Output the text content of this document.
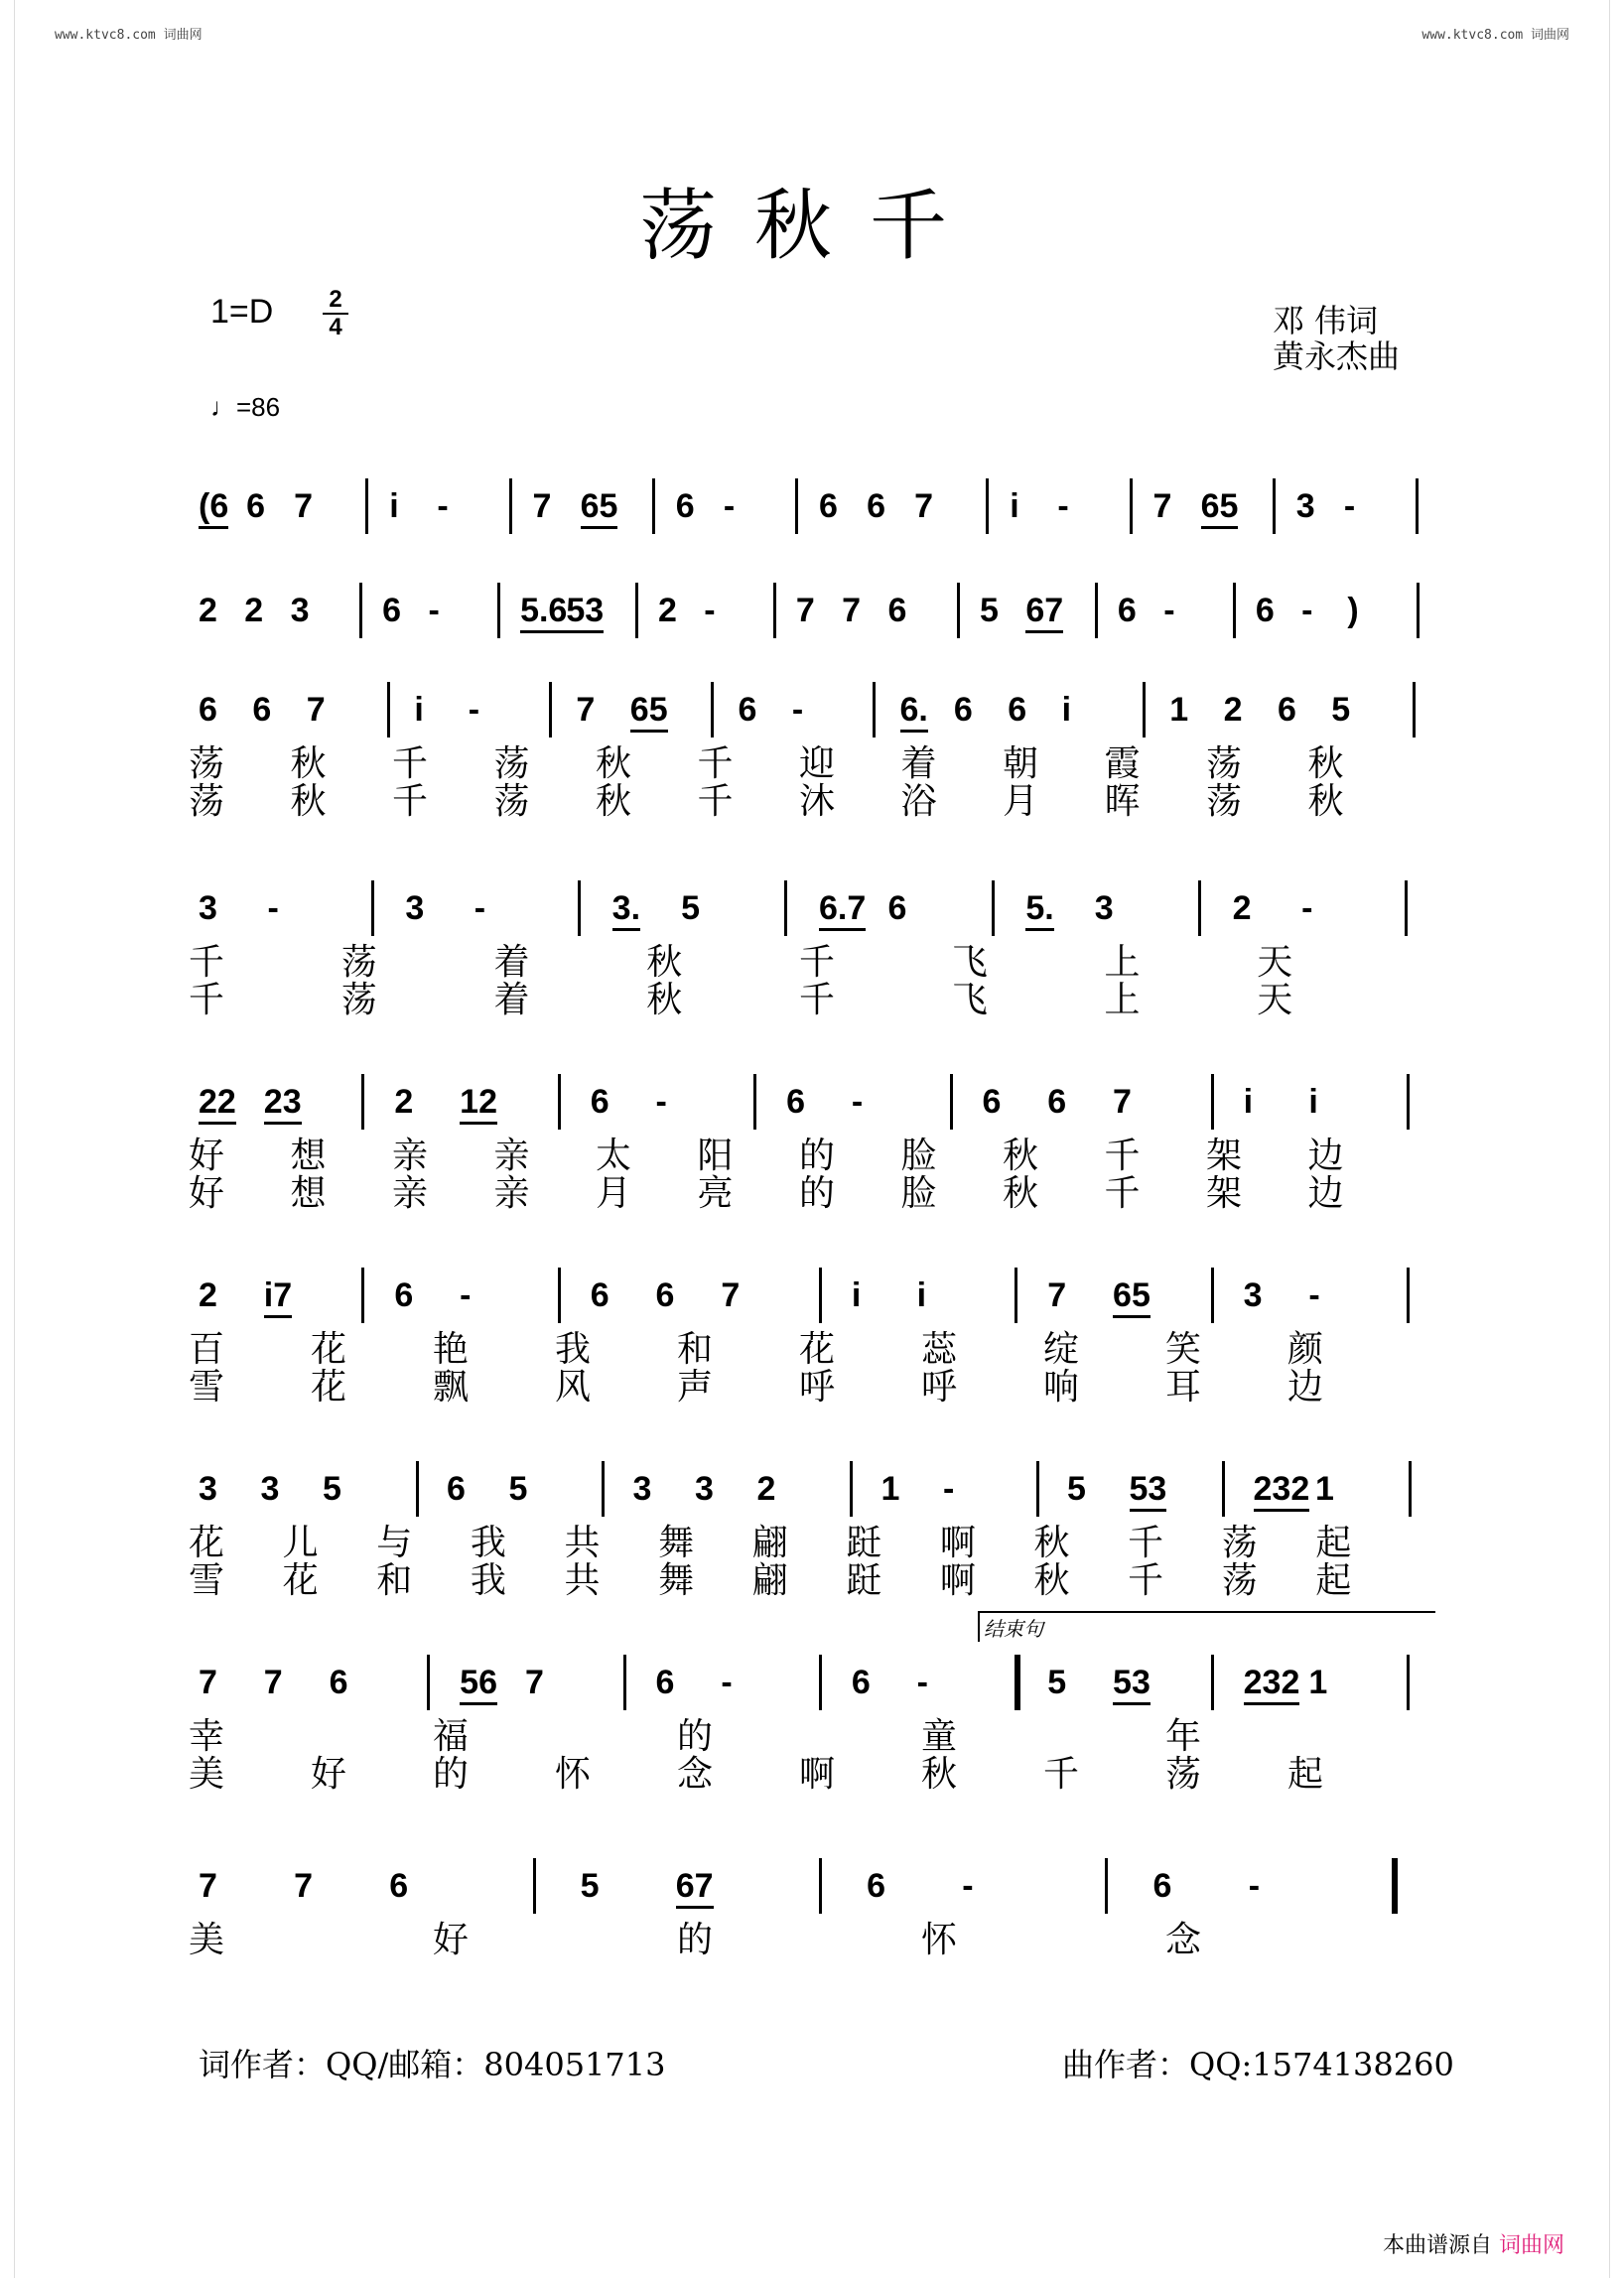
www.ktvc8.com 词曲网	www.ktvc8.com 词曲网
荡秋千
1=D 2
4
♩=86
邓 伟词
黄永杰曲
(6 6 7 i - 7 65 6 - 6 6 7 i - 7 65 3 -
2 2 3 6 - 5.6 53 2 - 7 7 6 5 67 6 - 6 - )
6 6 7	i -	7 65 6 -	6. 6 6 i	1 2 6 5
荡 秋 千 荡 秋 千 迎 着 朝 霞 荡 秋
荡 秋 千 荡 秋 千 沐 浴 月 晖 荡 秋
3 -	3 -	3. 5	6.7 6	5. 3	2 -
千	荡	着	秋	千	飞	上	天
千	荡	着	秋	千	飞	上	天
22 23	2 12	6 -	6 -	6 6 7	i i
好 想 亲 亲 太 阳 的 脸 秋 千 架 边
好 想 亲 亲 月 亮 的 脸 秋 千 架 边
2 i7	6 -	6 6 7	i i	7 65	3 -
百 花 艳 我 和 花 蕊 绽 笑 颜
雪 花 飘 风 声 呼 呼 响 耳 边
3 3 5	6 5	3 3 2	1 -	5 53	232 1
花 儿 与 我 共 舞 翩 跹 啊 秋 千 荡 起
雪 花 和 我 共 舞 翩 跹 啊 秋 千 荡 起
7 7 6	56 7	6 -	6 -	5 53	232 1
结束句
幸	福	的	童	年
美 好 的 怀 念 啊 秋 千 荡 起
7 7 6	5 67	6 -	6 -
美	好	的	怀	念
词作者：QQ/邮箱：804051713	曲作者：QQ:1574138260
本曲谱源自 词曲网
